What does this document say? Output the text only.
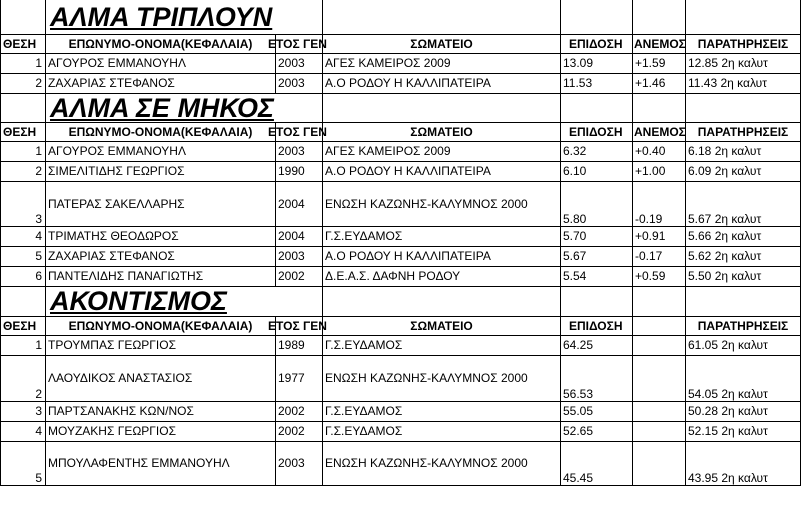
	ΑΛΜΑ ΤΡΙΠΛΟΥΝ					
ΘΕΣΗ	ΕΠΩΝΥΜΟ-ΟΝΟΜΑ(ΚΕΦΑΛΑΙΑ)	ΕΤΟΣ ΓΕΝ	ΣΩΜΑΤΕΙΟ	ΕΠΙΔΟΣΗ	ΑΝΕΜΟΣ	ΠΑΡΑΤΗΡΗΣΕΙΣ
1	ΑΓΟΥΡΟΣ ΕΜΜΑΝΟΥΗΛ	2003	ΑΓΕΣ ΚΑΜΕΙΡΟΣ 2009	13.09	+1.59	12.85 2η καλυτ
2	ΖΑΧΑΡΙΑΣ ΣΤΕΦΑΝΟΣ	2003	Α.Ο ΡΟΔΟΥ Η ΚΑΛΛΙΠΑΤΕΙΡΑ	11.53	+1.46	11.43 2η καλυτ
	ΑΛΜΑ ΣΕ ΜΗΚΟΣ					
ΘΕΣΗ	ΕΠΩΝΥΜΟ-ΟΝΟΜΑ(ΚΕΦΑΛΑΙΑ)	ΕΤΟΣ ΓΕΝ	ΣΩΜΑΤΕΙΟ	ΕΠΙΔΟΣΗ	ΑΝΕΜΟΣ	ΠΑΡΑΤΗΡΗΣΕΙΣ
1	ΑΓΟΥΡΟΣ ΕΜΜΑΝΟΥΗΛ	2003	ΑΓΕΣ ΚΑΜΕΙΡΟΣ 2009	6.32	+0.40	6.18 2η καλυτ
2	ΣΙΜΕΛΙΤΙΔΗΣ ΓΕΩΡΓΙΟΣ	1990	Α.Ο ΡΟΔΟΥ Η ΚΑΛΛΙΠΑΤΕΙΡΑ	6.10	+1.00	6.09 2η καλυτ
3	ΠΑΤΕΡΑΣ ΣΑΚΕΛΛΑΡΗΣ	2004	ΕΝΩΣΗ ΚΑΖΩΝΗΣ-ΚΑΛΥΜΝΟΣ 2000	5.80	-0.19	5.67 2η καλυτ
4	ΤΡΙΜΑΤΗΣ ΘΕΟΔΩΡΟΣ	2004	Γ.Σ.ΕΥΔΑΜΟΣ	5.70	+0.91	5.66 2η καλυτ
5	ΖΑΧΑΡΙΑΣ ΣΤΕΦΑΝΟΣ	2003	Α.Ο ΡΟΔΟΥ Η ΚΑΛΛΙΠΑΤΕΙΡΑ	5.67	-0.17	5.62 2η καλυτ
6	ΠΑΝΤΕΛΙΔΗΣ ΠΑΝΑΓΙΩΤΗΣ	2002	Δ.Ε.Α.Σ. ΔΑΦΝΗ ΡΟΔΟΥ	5.54	+0.59	5.50 2η καλυτ
	ΑΚΟΝΤΙΣΜΟΣ					
ΘΕΣΗ	ΕΠΩΝΥΜΟ-ΟΝΟΜΑ(ΚΕΦΑΛΑΙΑ)	ΕΤΟΣ ΓΕΝ	ΣΩΜΑΤΕΙΟ	ΕΠΙΔΟΣΗ		ΠΑΡΑΤΗΡΗΣΕΙΣ
1	ΤΡΟΥΜΠΑΣ ΓΕΩΡΓΙΟΣ	1989	Γ.Σ.ΕΥΔΑΜΟΣ	64.25		61.05 2η καλυτ
2	ΛΑΟΥΔΙΚΟΣ ΑΝΑΣΤΑΣΙΟΣ	1977	ΕΝΩΣΗ ΚΑΖΩΝΗΣ-ΚΑΛΥΜΝΟΣ 2000	56.53		54.05 2η καλυτ
3	ΠΑΡΤΣΑΝΑΚΗΣ ΚΩΝ/ΝΟΣ	2002	Γ.Σ.ΕΥΔΑΜΟΣ	55.05		50.28 2η καλυτ
4	ΜΟΥΖΑΚΗΣ ΓΕΩΡΓΙΟΣ	2002	Γ.Σ.ΕΥΔΑΜΟΣ	52.65		52.15 2η καλυτ
5	ΜΠΟΥΛΑΦΕΝΤΗΣ ΕΜΜΑΝΟΥΗΛ	2003	ΕΝΩΣΗ ΚΑΖΩΝΗΣ-ΚΑΛΥΜΝΟΣ 2000	45.45		43.95 2η καλυτ
